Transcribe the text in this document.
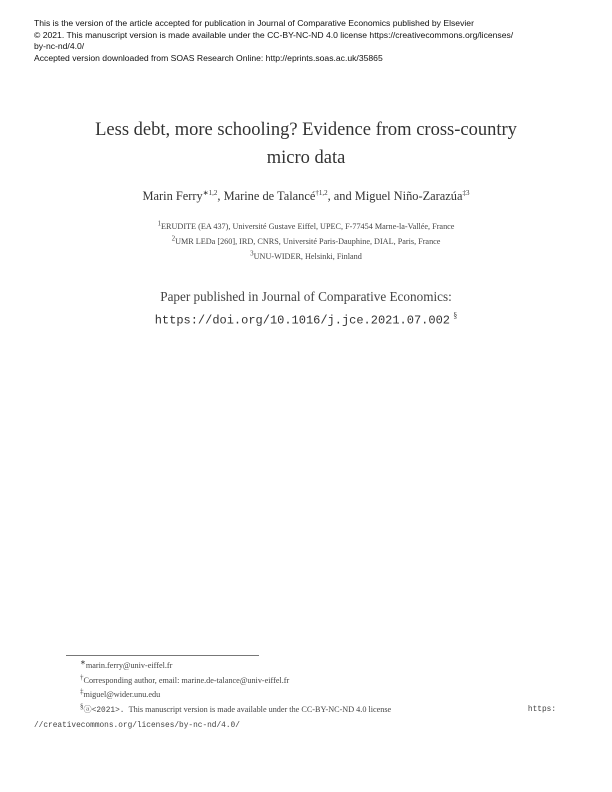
This is the version of the article accepted for publication in Journal of Comparative Economics published by Elsevier
© 2021. This manuscript version is made available under the CC-BY-NC-ND 4.0 license https://creativecommons.org/licenses/
by-nc-nd/4.0/
Accepted version downloaded from SOAS Research Online: http://eprints.soas.ac.uk/35865
Less debt, more schooling? Evidence from cross-country
micro data
Marin Ferry$^{∗1,2}$, Marine de Talancé$^{\dagger 1,2}$, and Miguel Niño-Zarazúa$^{\ddagger 3}$
$^1$ERUDITE (EA 437), Université Gustave Eiffel, UPEC, F-77454 Marne-la-Vallée, France
$^2$UMR LEDa [260], IRD, CNRS, Université Paris-Dauphine, DIAL, Paris, France
$^3$UNU-WIDER, Helsinki, Finland
Paper published in Journal of Comparative Economics:
https://doi.org/10.1016/j.jce.2021.07.002 §
∗marin.ferry@univ-eiffel.fr
†Corresponding author, email: marine.de-talance@univ-eiffel.fr
‡miguel@wider.unu.edu
§ⓐ<2021>. This manuscript version is made available under the CC-BY-NC-ND 4.0 license	https:
//creativecommons.org/licenses/by-nc-nd/4.0/
